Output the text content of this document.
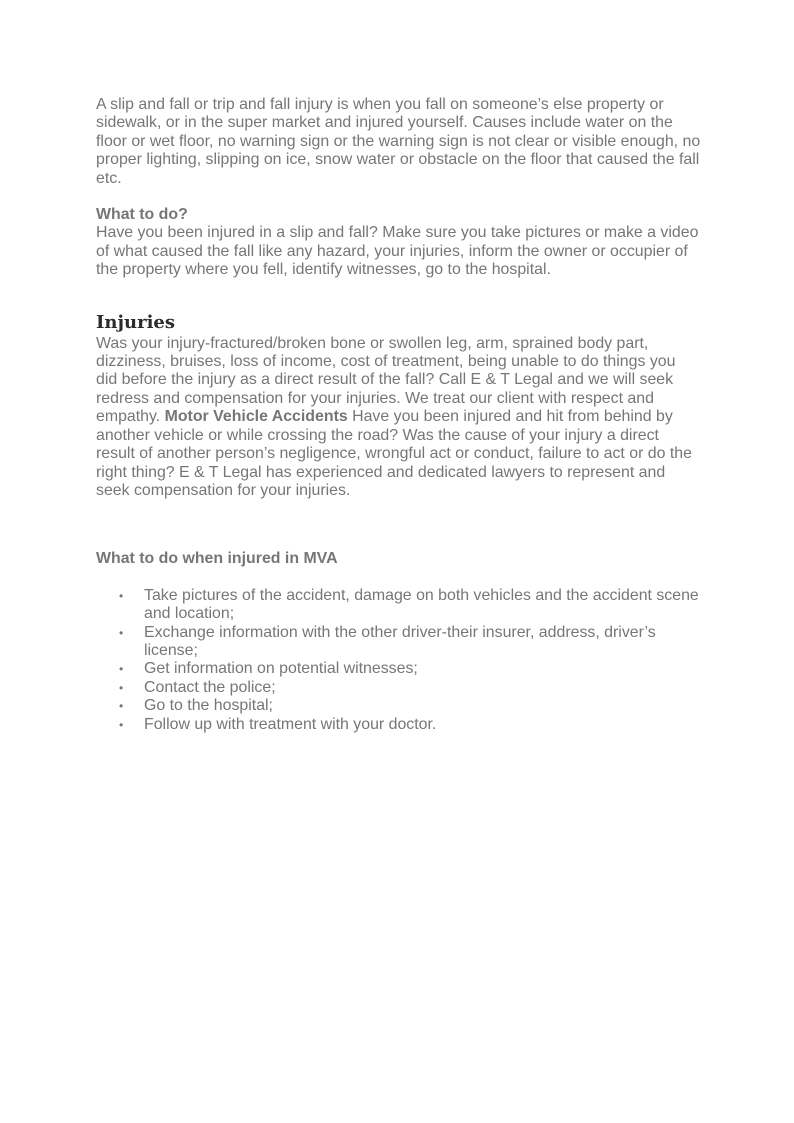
A slip and fall or trip and fall injury is when you fall on someone’s else property or sidewalk, or in the super market and injured yourself. Causes include water on the floor or wet floor, no warning sign or the warning sign is not clear or visible enough, no proper lighting, slipping on ice, snow water or obstacle on the floor that caused the fall etc.

What to do?

Have you been injured in a slip and fall? Make sure you take pictures or make a video of what caused the fall like any hazard, your injuries, inform the owner or occupier of the property where you fell, identify witnesses, go to the hospital.

Injuries

Was your injury-fractured/broken bone or swollen leg, arm, sprained body part, dizziness, bruises, loss of income, cost of treatment, being unable to do things you did before the injury as a direct result of the fall? Call E & T Legal and we will seek redress and compensation for your injuries. We treat our client with respect and empathy. Motor Vehicle Accidents Have you been injured and hit from behind by another vehicle or while crossing the road? Was the cause of your injury a direct result of another person’s negligence, wrongful act or conduct, failure to act or do the right thing? E & T Legal has experienced and dedicated lawyers to represent and seek compensation for your injuries.

What to do when injured in MVA

• Take pictures of the accident, damage on both vehicles and the accident scene and location;
• Exchange information with the other driver-their insurer, address, driver’s license;
• Get information on potential witnesses;
• Contact the police;
• Go to the hospital;
• Follow up with treatment with your doctor.
